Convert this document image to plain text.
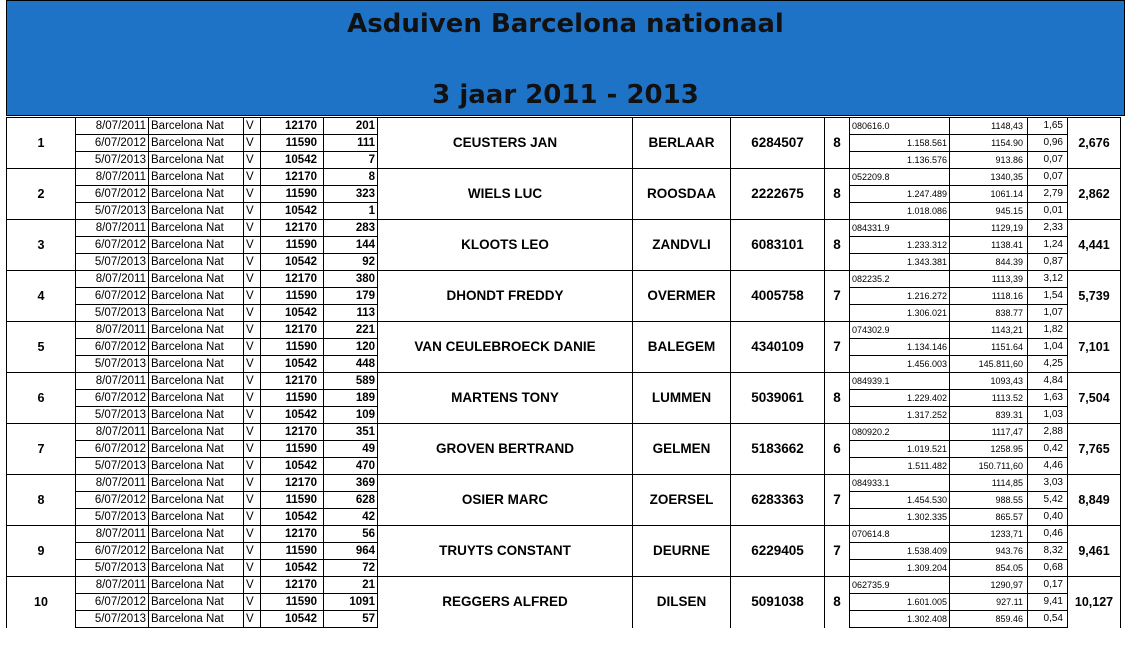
Asduiven Barcelona nationaal
3 jaar 2011 - 2013
	8/07/2011	Barcelona Nat	V	12170	201					080616.0	1148,43	1,65	
1	6/07/2012	Barcelona Nat	V	11590	111	CEUSTERS JAN	BERLAAR	6284507	8	1.158.561	1154.90	0,96	2,676
	5/07/2013	Barcelona Nat	V	10542	7					1.136.576	913.86	0,07	
	8/07/2011	Barcelona Nat	V	12170	8					052209.8	1340,35	0,07	
2	6/07/2012	Barcelona Nat	V	11590	323	WIELS LUC	ROOSDAA	2222675	8	1.247.489	1061.14	2,79	2,862
	5/07/2013	Barcelona Nat	V	10542	1					1.018.086	945.15	0,01	
	8/07/2011	Barcelona Nat	V	12170	283					084331.9	1129,19	2,33	
3	6/07/2012	Barcelona Nat	V	11590	144	KLOOTS LEO	ZANDVLI	6083101	8	1.233.312	1138.41	1,24	4,441
	5/07/2013	Barcelona Nat	V	10542	92					1.343.381	844.39	0,87	
	8/07/2011	Barcelona Nat	V	12170	380					082235.2	1113,39	3,12	
4	6/07/2012	Barcelona Nat	V	11590	179	DHONDT FREDDY	OVERMER	4005758	7	1.216.272	1118.16	1,54	5,739
	5/07/2013	Barcelona Nat	V	10542	113					1.306.021	838.77	1,07	
	8/07/2011	Barcelona Nat	V	12170	221					074302.9	1143,21	1,82	
5	6/07/2012	Barcelona Nat	V	11590	120	VAN CEULEBROECK DANIE	BALEGEM	4340109	7	1.134.146	1151.64	1,04	7,101
	5/07/2013	Barcelona Nat	V	10542	448					1.456.003	145.811,60	4,25	
	8/07/2011	Barcelona Nat	V	12170	589					084939.1	1093,43	4,84	
6	6/07/2012	Barcelona Nat	V	11590	189	MARTENS TONY	LUMMEN	5039061	8	1.229.402	1113.52	1,63	7,504
	5/07/2013	Barcelona Nat	V	10542	109					1.317.252	839.31	1,03	
	8/07/2011	Barcelona Nat	V	12170	351					080920.2	1117,47	2,88	
7	6/07/2012	Barcelona Nat	V	11590	49	GROVEN BERTRAND	GELMEN	5183662	6	1.019.521	1258.95	0,42	7,765
	5/07/2013	Barcelona Nat	V	10542	470					1.511.482	150.711,60	4,46	
	8/07/2011	Barcelona Nat	V	12170	369					084933.1	1114,85	3,03	
8	6/07/2012	Barcelona Nat	V	11590	628	OSIER MARC	ZOERSEL	6283363	7	1.454.530	988.55	5,42	8,849
	5/07/2013	Barcelona Nat	V	10542	42					1.302.335	865.57	0,40	
	8/07/2011	Barcelona Nat	V	12170	56					070614.8	1233,71	0,46	
9	6/07/2012	Barcelona Nat	V	11590	964	TRUYTS CONSTANT	DEURNE	6229405	7	1.538.409	943.76	8,32	9,461
	5/07/2013	Barcelona Nat	V	10542	72					1.309.204	854.05	0,68	
	8/07/2011	Barcelona Nat	V	12170	21					062735.9	1290,97	0,17	
10	6/07/2012	Barcelona Nat	V	11590	1091	REGGERS ALFRED	DILSEN	5091038	8	1.601.005	927.11	9,41	10,127
	5/07/2013	Barcelona Nat	V	10542	57					1.302.408	859.46	0,54	
